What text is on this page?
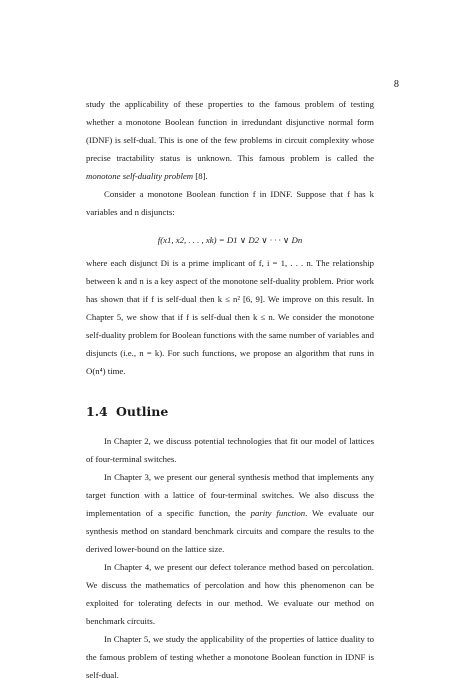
8

study the applicability of these properties to the famous problem of testing whether a monotone Boolean function in irredundant disjunctive normal form (IDNF) is self-dual. This is one of the few problems in circuit complexity whose precise tractability status is unknown. This famous problem is called the monotone self-duality problem [8].

Consider a monotone Boolean function f in IDNF. Suppose that f has k variables and n disjuncts:

f(x1, x2, . . . , xk) = D1 ∨ D2 ∨ · · · ∨ Dn

where each disjunct Di is a prime implicant of f, i = 1, . . . n. The relationship between k and n is a key aspect of the monotone self-duality problem. Prior work has shown that if f is self-dual then k ≤ n² [6, 9]. We improve on this result. In Chapter 5, we show that if f is self-dual then k ≤ n. We consider the monotone self-duality problem for Boolean functions with the same number of variables and disjuncts (i.e., n = k). For such functions, we propose an algorithm that runs in O(n⁴) time.

1.4 Outline

In Chapter 2, we discuss potential technologies that fit our model of lattices of four-terminal switches.

In Chapter 3, we present our general synthesis method that implements any target function with a lattice of four-terminal switches. We also discuss the implementation of a specific function, the parity function. We evaluate our synthesis method on standard benchmark circuits and compare the results to the derived lower-bound on the lattice size.

In Chapter 4, we present our defect tolerance method based on percolation. We discuss the mathematics of percolation and how this phenomenon can be exploited for tolerating defects in our method. We evaluate our method on benchmark circuits.

In Chapter 5, we study the applicability of the properties of lattice duality to the famous problem of testing whether a monotone Boolean function in IDNF is self-dual.
